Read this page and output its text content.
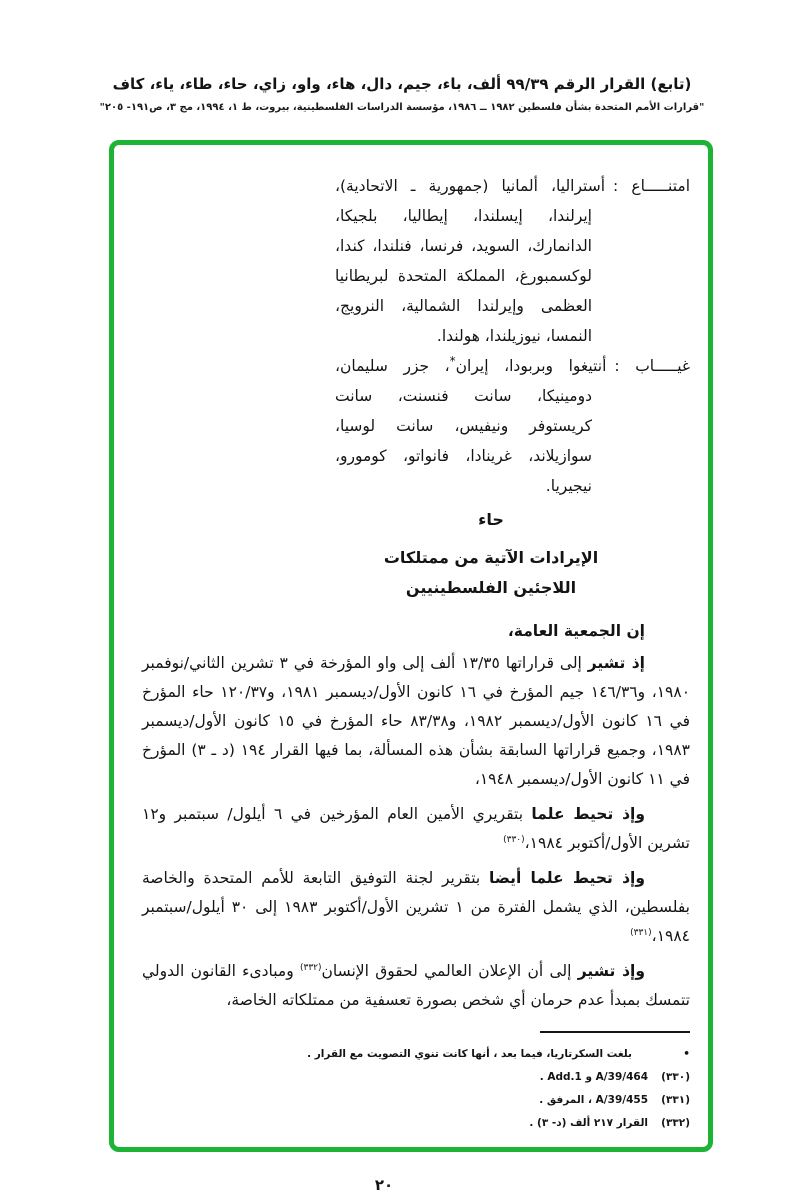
(تابع) القرار الرقم ٩٩/٣٩ ألف، باء، جيم، دال، هاء، واو، زاي، حاء، طاء، ياء، كاف
"قرارات الأمم المتحدة بشأن فلسطين ١٩٨٢ ــ ١٩٨٦، مؤسسة الدراسات الفلسطينية، بيروت، ط ١، ١٩٩٤، مج ٣، ص١٩١- ٢٠٥"

امتنـــــاع :أستراليا، ألمانيا (جمهورية ـ الاتحادية)، إيرلندا، إيسلندا، إيطاليا، بلجيكا، الدانمارك، السويد، فرنسا، فنلندا، كندا، لوكسمبورغ، المملكة المتحدة لبريطانيا العظمى وإيرلندا الشمالية، النرويج، النمسا، نيوزيلندا، هولندا.

غيـــــاب :أنتيغوا وبربودا، إيران*، جزر سليمان، دومينيكا، سانت فنسنت، سانت كريستوفر ونيفيس، سانت لوسيا، سوازيلاند، غرينادا، فانواتو، كومورو، نيجيريا.

حاء
الإيرادات الآتية من ممتلكات
اللاجئين الفلسطينيين

إن الجمعية العامة،

إذ تشير إلى قراراتها ١٣/٣٥ ألف إلى واو المؤرخة في ٣ تشرين الثاني/نوفمبر ١٩٨٠، و١٤٦/٣٦ جيم المؤرخ في ١٦ كانون الأول/ديسمبر ١٩٨١، و١٢٠/٣٧ حاء المؤرخ في ١٦ كانون الأول/ديسمبر ١٩٨٢، و٨٣/٣٨ حاء المؤرخ في ١٥ كانون الأول/ديسمبر ١٩٨٣، وجميع قراراتها السابقة بشأن هذه المسألة، بما فيها القرار ١٩٤ (د ـ ٣) المؤرخ في ١١ كانون الأول/ديسمبر ١٩٤٨،

وإذ تحيط علما بتقريري الأمين العام المؤرخين في ٦ أيلول/ سبتمبر و١٢ تشرين الأول/أكتوبر ١٩٨٤،$^{(٣٣٠)}$

وإذ تحيط علما أيضا بتقرير لجنة التوفيق التابعة للأمم المتحدة والخاصة بفلسطين، الذي يشمل الفترة من ١ تشرين الأول/أكتوبر ١٩٨٣ إلى ٣٠ أيلول/سبتمبر ١٩٨٤،$^{(٣٣١)}$

وإذ تشير إلى أن الإعلان العالمي لحقوق الإنسان$^{(٣٣٢)}$ ومبادىء القانون الدولي تتمسك بمبدأ عدم حرمان أي شخص بصورة تعسفية من ممتلكاته الخاصة،

•
بلغت السكرتاريا، فيما بعد ، أنها كانت تنوي التصويت مع القرار .
(٣٣٠)
A/39/464 و Add.1 .
(٣٣١)
A/39/455 ، المرفق .
(٣٣٢)
القرار ٢١٧ ألف (د- ٣) .
٢٠
